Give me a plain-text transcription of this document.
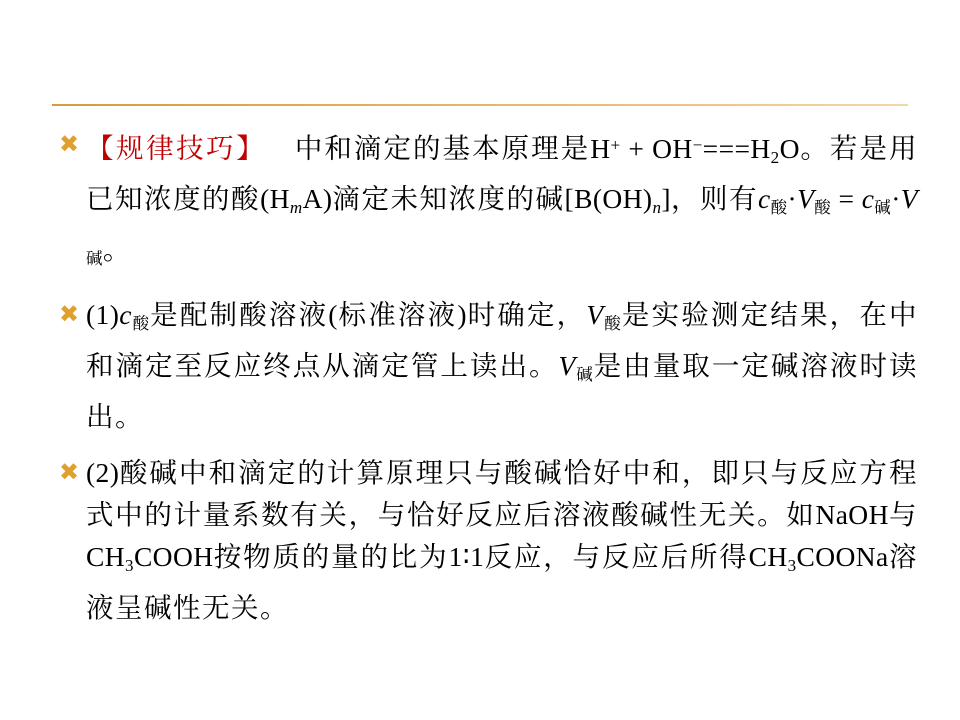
✖ 【规律技巧】 中和滴定的基本原理是$H^+ + OH^-===H_2O$。若是用已知浓度的酸$(H_mA)$滴定未知浓度的碱$[B(OH)_n]$，则有c酸·V酸 = c碱·V碱。
✖ (1)c酸是配制酸溶液(标准溶液)时确定，V酸是实验测定结果，在中和滴定至反应终点从滴定管上读出。V碱是由量取一定碱溶液时读出。
✖ (2)酸碱中和滴定的计算原理只与酸碱恰好中和，即只与反应方程式中的计量系数有关，与恰好反应后溶液酸碱性无关。如NaOH与$CH_3COOH$按物质的量的比为1∶1反应，与反应后所得$CH_3COONa$溶液呈碱性无关。
